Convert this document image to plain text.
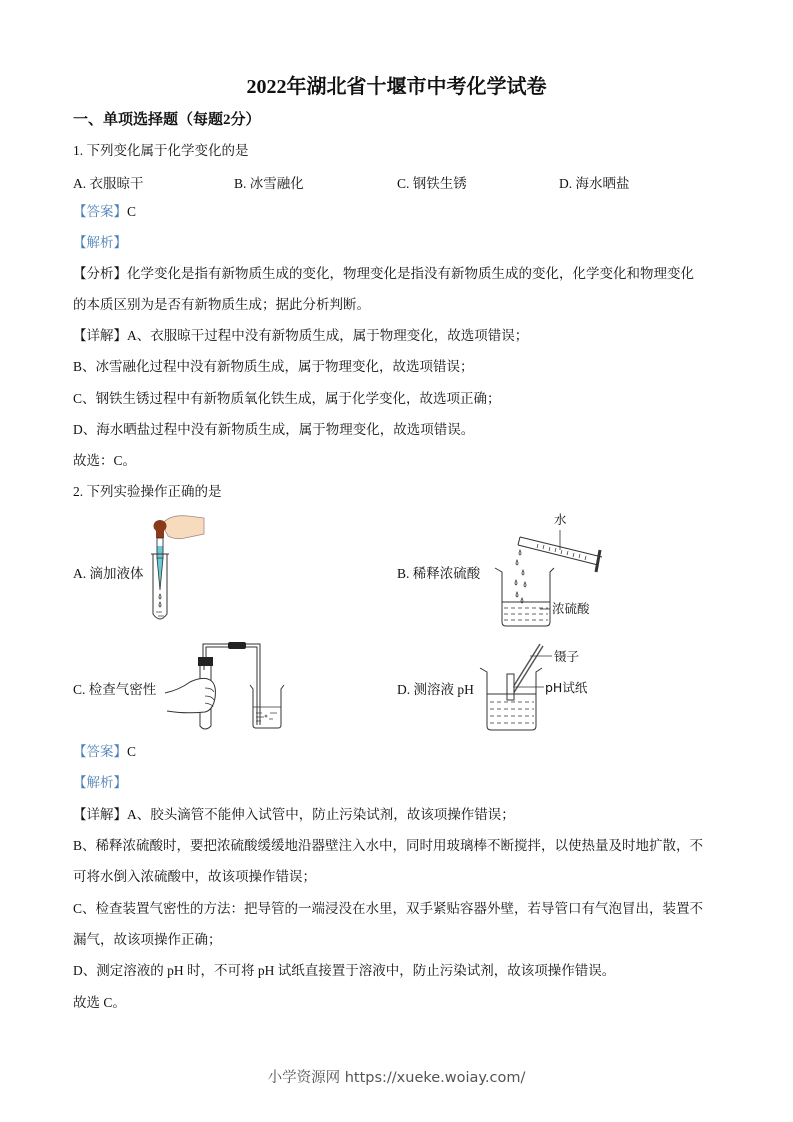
2022年湖北省十堰市中考化学试卷
一、单项选择题（每题2分）
1. 下列变化属于化学变化的是
A. 衣服晾干	B. 冰雪融化	C. 钢铁生锈	D. 海水晒盐
【答案】C
【解析】
【分析】化学变化是指有新物质生成的变化，物理变化是指没有新物质生成的变化，化学变化和物理变化
的本质区别为是否有新物质生成；据此分析判断。
【详解】A、衣服晾干过程中没有新物质生成，属于物理变化，故选项错误；
B、冰雪融化过程中没有新物质生成，属于物理变化，故选项错误；
C、钢铁生锈过程中有新物质氧化铁生成，属于化学变化，故选项正确；
D、海水晒盐过程中没有新物质生成，属于物理变化，故选项错误。
故选：C。
2. 下列实验操作正确的是
A. 滴加液体	B. 稀释浓硫酸
水
浓硫酸
C. 检查气密性	D. 测溶液 pH
镊子
pH试纸
【答案】C
【解析】
【详解】A、胶头滴管不能伸入试管中，防止污染试剂，故该项操作错误；
B、稀释浓硫酸时，要把浓硫酸缓缓地沿器壁注入水中，同时用玻璃棒不断搅拌，以使热量及时地扩散，不
可将水倒入浓硫酸中，故该项操作错误；
C、检查装置气密性的方法：把导管的一端浸没在水里，双手紧贴容器外壁，若导管口有气泡冒出，装置不
漏气，故该项操作正确；
D、测定溶液的 pH 时，不可将 pH 试纸直接置于溶液中，防止污染试剂，故该项操作错误。
故选 C。
小学资源网 https://xueke.woiay.com/
